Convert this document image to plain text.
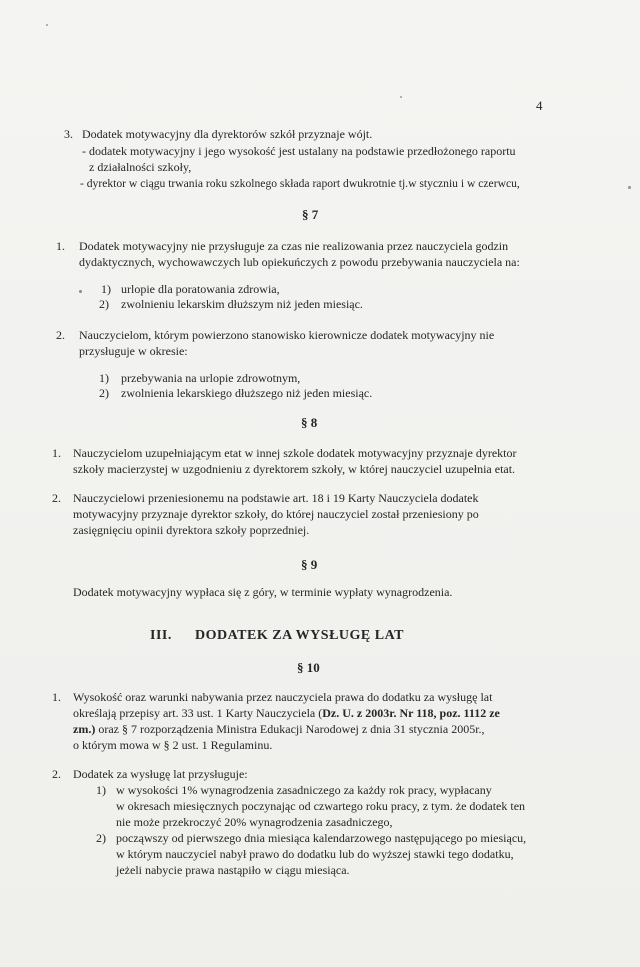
4
3. Dodatek motywacyjny dla dyrektorów szkół przyznaje wójt.
- dodatek motywacyjny i jego wysokość jest ustalany na podstawie przedłożonego raportu
z działalności szkoły,
- dyrektor w ciągu trwania roku szkolnego składa raport dwukrotnie tj.w styczniu i w czerwcu,
§ 7
1. Dodatek motywacyjny nie przysługuje za czas nie realizowania przez nauczyciela godzin
dydaktycznych, wychowawczych lub opiekuńczych z powodu przebywania nauczyciela na:
1) urlopie dla poratowania zdrowia,
2) zwolnieniu lekarskim dłuższym niż jeden miesiąc.
2. Nauczycielom, którym powierzono stanowisko kierownicze dodatek motywacyjny nie
przysługuje w okresie:
1) przebywania na urlopie zdrowotnym,
2) zwolnienia lekarskiego dłuższego niż jeden miesiąc.
§ 8
1. Nauczycielom uzupełniającym etat w innej szkole dodatek motywacyjny przyznaje dyrektor
szkoły macierzystej w uzgodnieniu z dyrektorem szkoły, w której nauczyciel uzupełnia etat.
2. Nauczycielowi przeniesionemu na podstawie art. 18 i 19 Karty Nauczyciela dodatek
motywacyjny przyznaje dyrektor szkoły, do której nauczyciel został przeniesiony po
zasięgnięciu opinii dyrektora szkoły poprzedniej.
§ 9
Dodatek motywacyjny wypłaca się z góry, w terminie wypłaty wynagrodzenia.
III. DODATEK ZA WYSŁUGĘ LAT
§ 10
1. Wysokość oraz warunki nabywania przez nauczyciela prawa do dodatku za wysługę lat
określają przepisy art. 33 ust. 1 Karty Nauczyciela (Dz. U. z 2003r. Nr 118, poz. 1112 ze
zm.) oraz § 7 rozporządzenia Ministra Edukacji Narodowej z dnia 31 stycznia 2005r.,
o którym mowa w § 2 ust. 1 Regulaminu.
2. Dodatek za wysługę lat przysługuje:
1) w wysokości 1% wynagrodzenia zasadniczego za każdy rok pracy, wypłacany
w okresach miesięcznych poczynając od czwartego roku pracy, z tym. że dodatek ten
nie może przekroczyć 20% wynagrodzenia zasadniczego,
2) począwszy od pierwszego dnia miesiąca kalendarzowego następującego po miesiącu,
w którym nauczyciel nabył prawo do dodatku lub do wyższej stawki tego dodatku,
jeżeli nabycie prawa nastąpiło w ciągu miesiąca.
